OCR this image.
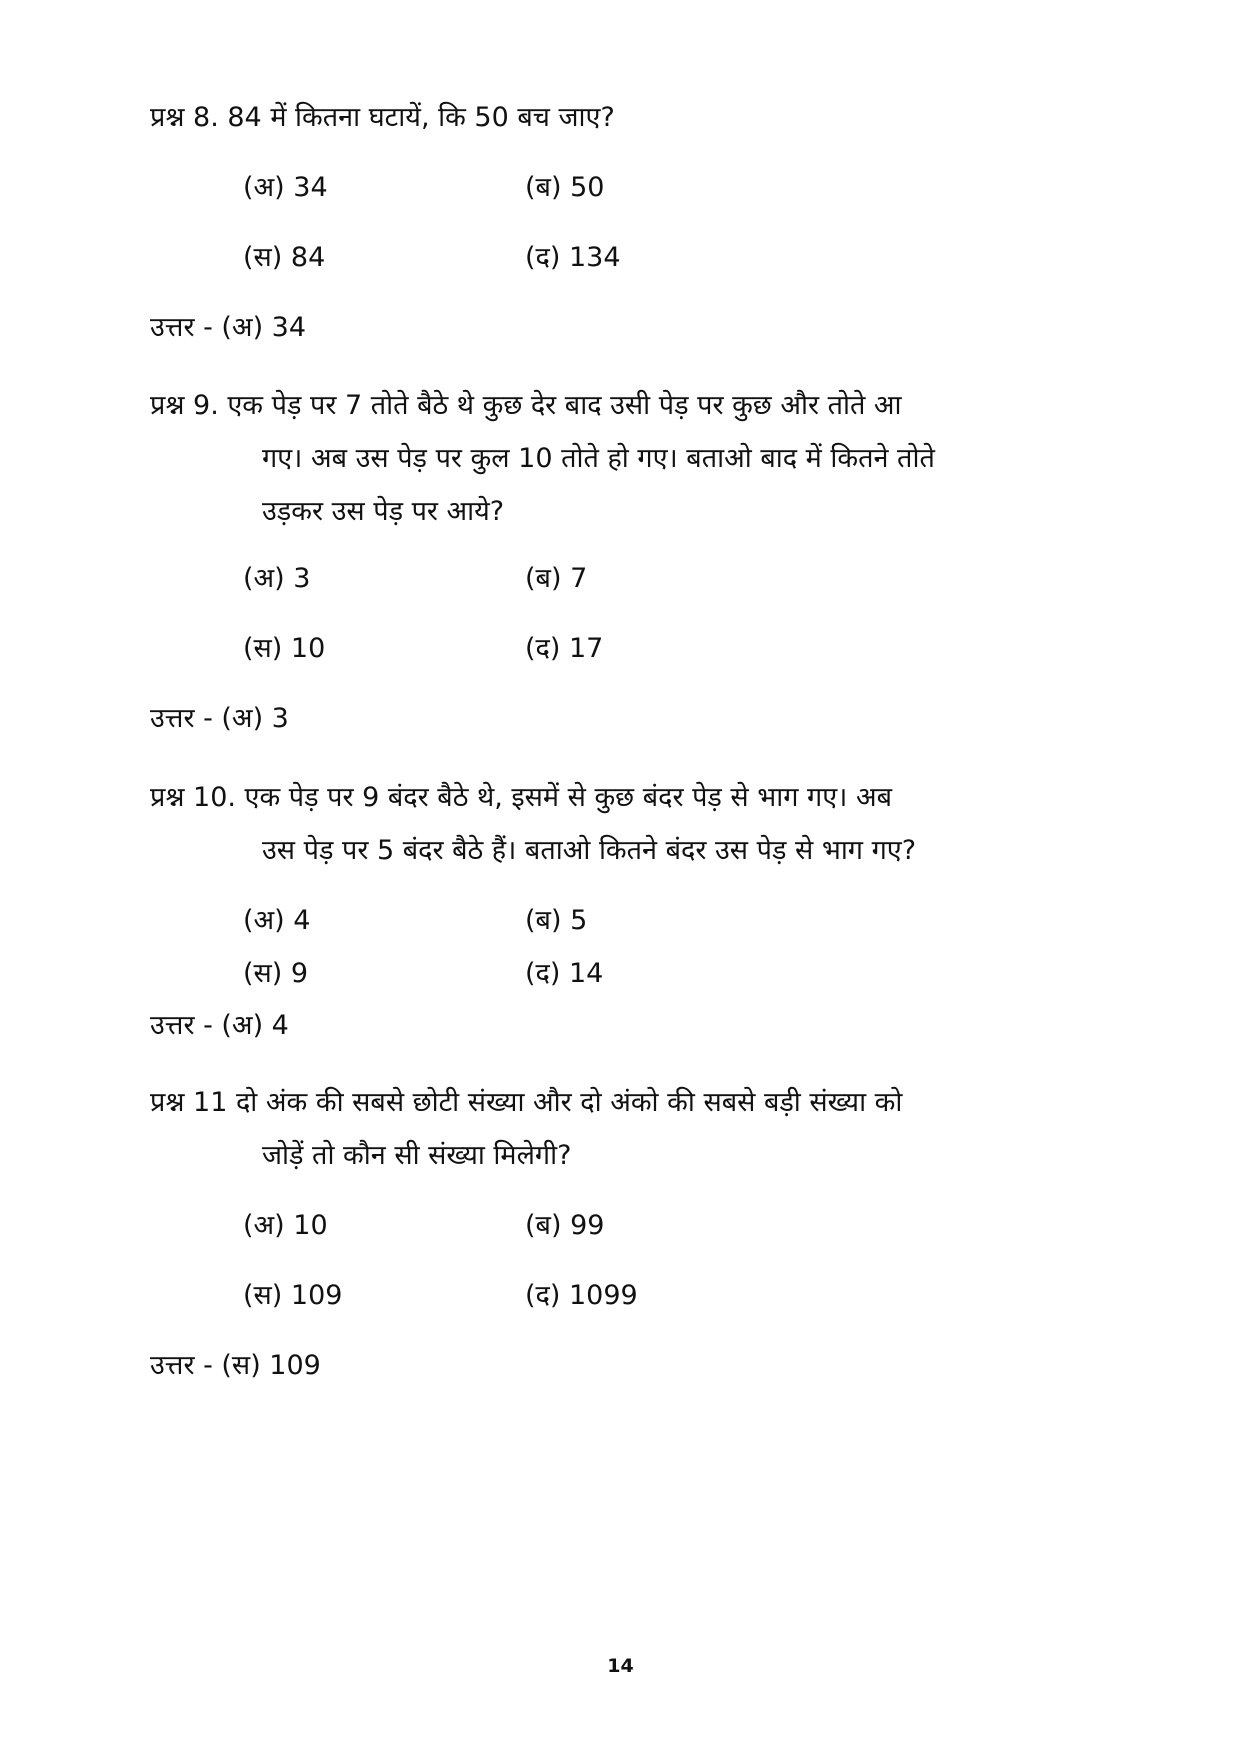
प्रश्न 8. 84 में कितना घटायें, कि 50 बच जाए?

(अ) 34	(ब) 50

(स) 84	(द) 134

उत्तर - (अ) 34

प्रश्न 9. एक पेड़ पर 7 तोते बैठे थे कुछ देर बाद उसी पेड़ पर कुछ और तोते आ

गए। अब उस पेड़ पर कुल 10 तोते हो गए। बताओ बाद में कितने तोते

उड़कर उस पेड़ पर आये?

(अ) 3	(ब) 7

(स) 10	(द) 17

उत्तर - (अ) 3

प्रश्न 10. एक पेड़ पर 9 बंदर बैठे थे, इसमें से कुछ बंदर पेड़ से भाग गए। अब

उस पेड़ पर 5 बंदर बैठे हैं। बताओ कितने बंदर उस पेड़ से भाग गए?

(अ) 4	(ब) 5

(स) 9	(द) 14

उत्तर - (अ) 4

प्रश्न 11 दो अंक की सबसे छोटी संख्या और दो अंको की सबसे बड़ी संख्या को

जोड़ें तो कौन सी संख्या मिलेगी?

(अ) 10	(ब) 99

(स) 109	(द) 1099

उत्तर - (स) 109

14
